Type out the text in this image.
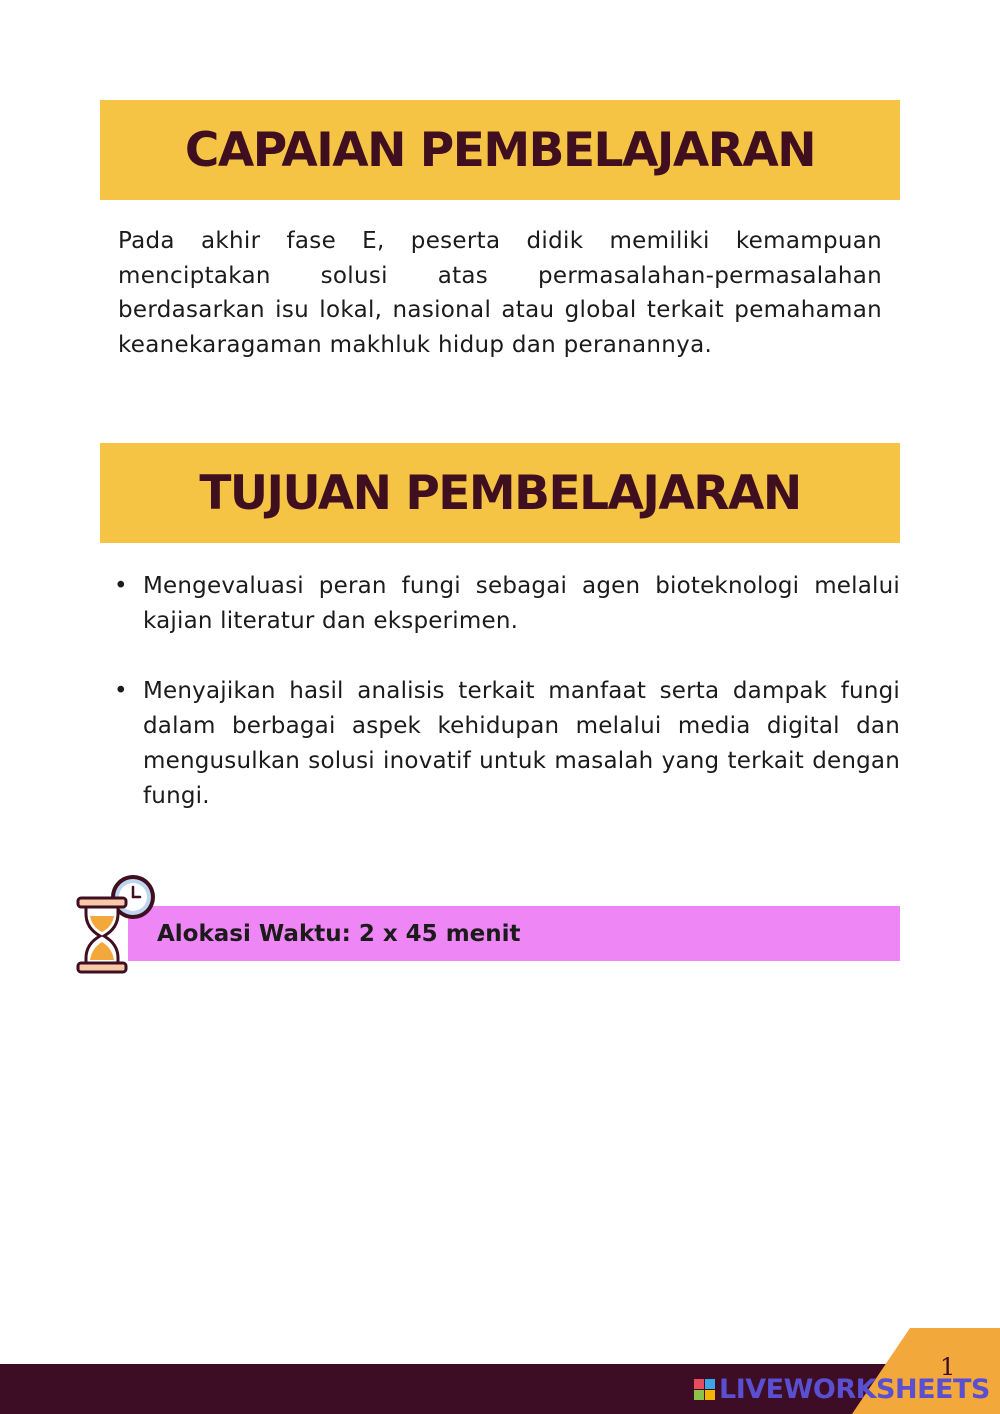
CAPAIAN PEMBELAJARAN

Pada akhir fase E, peserta didik memiliki kemampuan menciptakan solusi atas permasalahan-permasalahan berdasarkan isu lokal, nasional atau global terkait pemahaman keanekaragaman makhluk hidup dan peranannya.

TUJUAN PEMBELAJARAN
• Mengevaluasi peran fungi sebagai agen bioteknologi melalui kajian literatur dan eksperimen.
• Menyajikan hasil analisis terkait manfaat serta dampak fungi dalam berbagai aspek kehidupan melalui media digital dan mengusulkan solusi inovatif untuk masalah yang terkait dengan fungi.
Alokasi Waktu: 2 x 45 menit
1
LIVEWORKSHEETS
